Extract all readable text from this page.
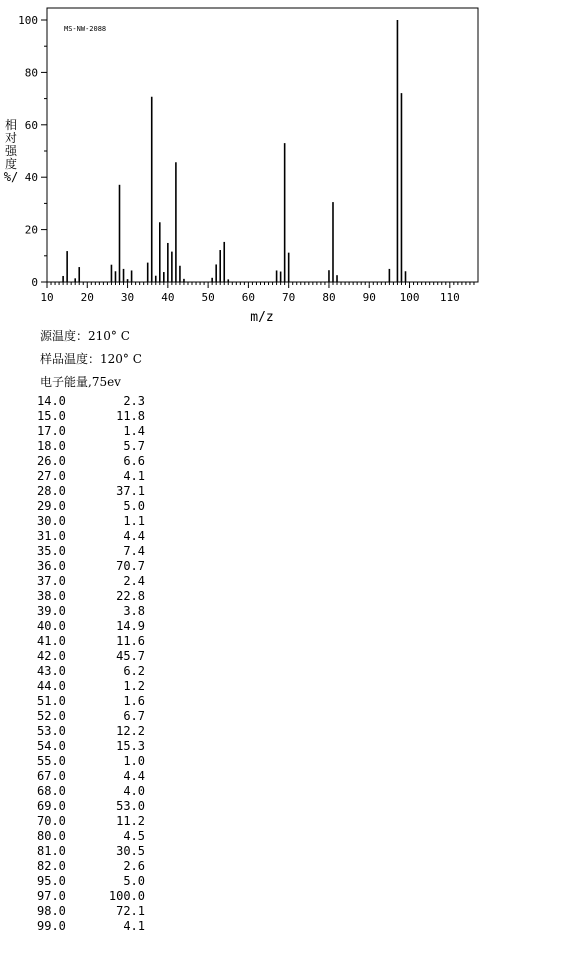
MS-NW-2088
相
对
强
度
%/
m/z
10 20 30 40 50 60 70 80 90 100 110
0
20
40
60
80
100
源温度：210° C
样品温度：120° C
电子能量,75ev
14.0	2.3
15.0	11.8
17.0	1.4
18.0	5.7
26.0	6.6
27.0	4.1
28.0	37.1
29.0	5.0
30.0	1.1
31.0	4.4
35.0	7.4
36.0	70.7
37.0	2.4
38.0	22.8
39.0	3.8
40.0	14.9
41.0	11.6
42.0	45.7
43.0	6.2
44.0	1.2
51.0	1.6
52.0	6.7
53.0	12.2
54.0	15.3
55.0	1.0
67.0	4.4
68.0	4.0
69.0	53.0
70.0	11.2
80.0	4.5
81.0	30.5
82.0	2.6
95.0	5.0
97.0	100.0
98.0	72.1
99.0	4.1
